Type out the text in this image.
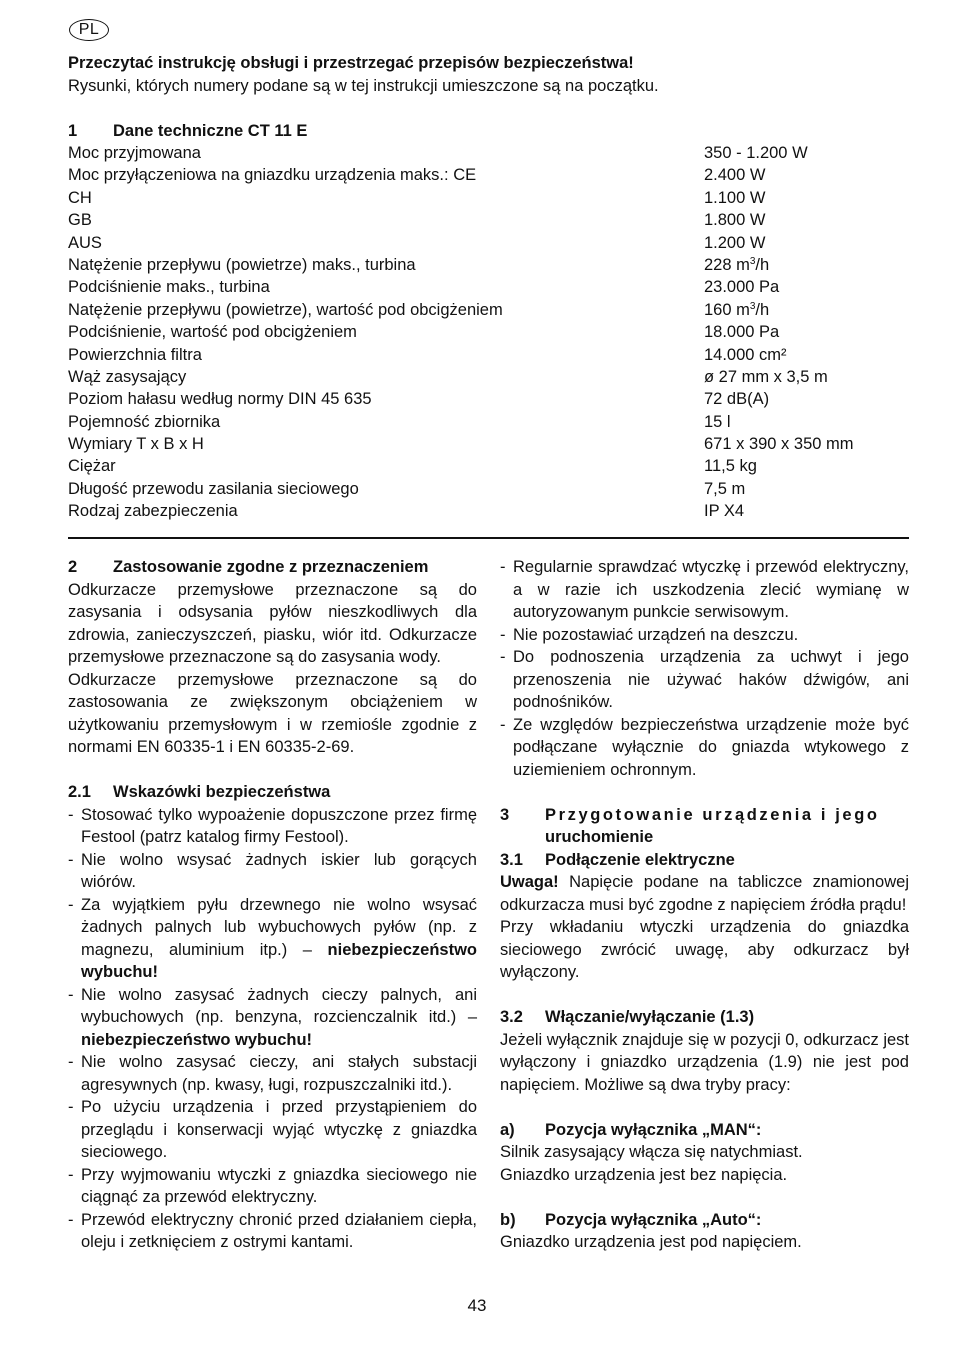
PL
Przeczytać instrukcję obsługi i przestrzegać przepisów bezpieczeństwa!
Rysunki, których numery podane są w tej instrukcji umieszczone są na początku.
1 Dane techniczne CT 11 E
Moc przyjmowana	350 - 1.200 W
Moc przyłączeniowa na gniazdku urządzenia maks.: CE	2.400 W
CH	1.100 W
GB	1.800 W
AUS	1.200 W
Natężenie przepływu (powietrze) maks., turbina	228 $m^3/h$
Podciśnienie maks., turbina	23.000 Pa
Natężenie przepływu (powietrze), wartość pod obcigżeniem	160 $m^3/h$
Podciśnienie, wartość pod obcigżeniem	18.000 Pa
Powierzchnia filtra	14.000 cm²
Wąż zasysający	ø 27 mm x 3,5 m
Poziom hałasu według normy DIN 45 635	72 dB(A)
Pojemność zbiornika	15 l
Wymiary T x B x H	671 x 390 x 350 mm
Ciężar	11,5 kg
Długość przewodu zasilania sieciowego	7,5 m
Rodzaj zabezpieczenia	IP X4
2	Zastosowanie zgodne z przeznaczeniem
Odkurzacze przemysłowe przeznaczone są do zasysania i odsysania pyłów nieszkodliwych dla zdrowia, zanieczyszczeń, piasku, wiór itd. Odkurzacze przemysłowe przeznaczone są do zasysania wody.
Odkurzacze przemysłowe przeznaczone są do zastosowania ze zwiększonym obciążeniem w użytkowaniu przemysłowym i w rzemiośle zgodnie z normami EN 60335-1 i EN 60335-2-69.
2.1	Wskazówki bezpieczeństwa
- Stosować tylko wypoażenie dopuszczone przez firmę Festool (patrz katalog firmy Festool).
- Nie wolno wsysać żadnych iskier lub gorących wiórów.
- Za wyjątkiem pyłu drzewnego nie wolno wsysać żadnych palnych lub wybuchowych pyłów (np. z magnezu, aluminium itp.) – niebezpieczeństwo wybuchu!
- Nie wolno zasysać żadnych cieczy palnych, ani wybuchowych (np. benzyna, rozcienczalnik itd.) – niebezpieczeństwo wybuchu!
- Nie wolno zasysać cieczy, ani stałych substacji agresywnych (np. kwasy, ługi, rozpuszczalniki itd.).
- Po użyciu urządzenia i przed przystąpieniem do przeglądu i konserwacji wyjąć wtyczkę z gniazdka sieciowego.
- Przy wyjmowaniu wtyczki z gniazdka sieciowego nie ciągnąć za przewód elektryczny.
- Przewód elektryczny chronić przed działaniem ciepła, oleju i zetknięciem z ostrymi kantami.
- Regularnie sprawdzać wtyczkę i przewód elektryczny, a w razie ich uszkodzenia zlecić wymianę w autoryzowanym punkcie serwisowym.
- Nie pozostawiać urządzeń na deszczu.
- Do podnoszenia urządzenia za uchwyt i jego przenoszenia nie używać haków dźwigów, ani podnośników.
- Ze względów bezpieczeństwa urządzenie może być podłączane wyłącznie do gniazda wtykowego z uziemieniem ochronnym.
3	Przygotowanie urządzenia i jego
uruchomienie
3.1	Podłączenie elektryczne
Uwaga! Napięcie podane na tabliczce znamionowej odkurzacza musi być zgodne z napięciem źródła prądu!
Przy wkładaniu wtyczki urządzenia do gniazdka sieciowego zwrócić uwagę, aby odkurzacz był wyłączony.
3.2	Włączanie/wyłączanie (1.3)
Jeżeli wyłącznik znajduje się w pozycji 0, odkurzacz jest wyłączony i gniazdko urządzenia (1.9) nie jest pod napięciem. Możliwe są dwa tryby pracy:
a)	Pozycja wyłącznika „MAN“:
Silnik zasysający włącza się natychmiast.
Gniazdko urządzenia jest bez napięcia.
b)	Pozycja wyłącznika „Auto“:
Gniazdko urządzenia jest pod napięciem.
43
